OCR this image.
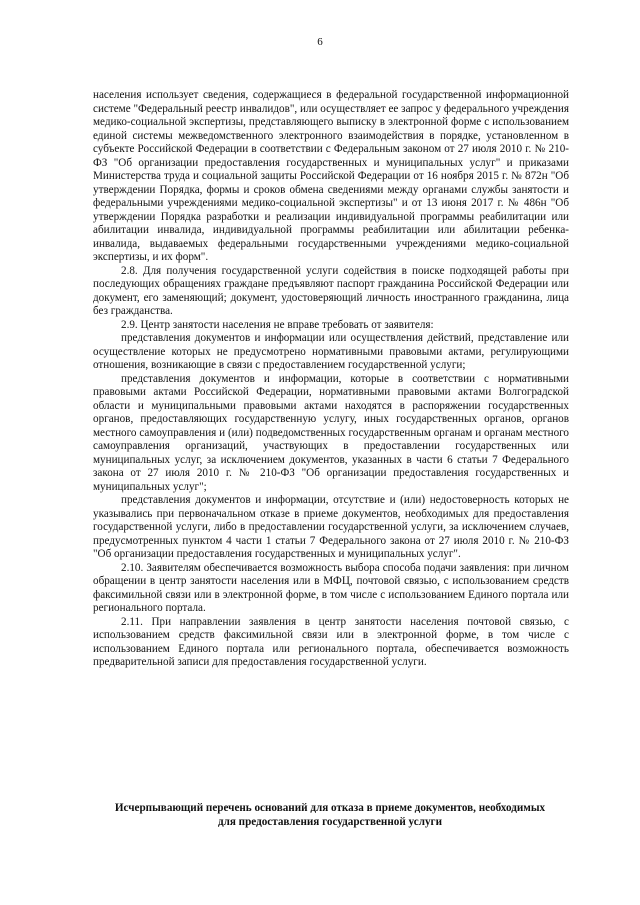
6

населения использует сведения, содержащиеся в федеральной государственной информационной системе "Федеральный реестр инвалидов", или осуществляет ее запрос у федерального учреждения медико-социальной экспертизы, представляющего выписку в электронной форме с использованием единой системы межведомственного электронного взаимодействия в порядке, установленном в субъекте Российской Федерации в соответствии с Федеральным законом от 27 июля 2010 г. № 210-ФЗ "Об организации предоставления государственных и муниципальных услуг" и приказами Министерства труда и социальной защиты Российской Федерации от 16 ноября 2015 г. № 872н "Об утверждении Порядка, формы и сроков обмена сведениями между органами службы занятости и федеральными учреждениями медико-социальной экспертизы" и от 13 июня 2017 г. № 486н "Об утверждении Порядка разработки и реализации индивидуальной программы реабилитации или абилитации инвалида, индивидуальной программы реабилитации или абилитации ребенка-инвалида, выдаваемых федеральными государственными учреждениями медико-социальной экспертизы, и их форм".

2.8. Для получения государственной услуги содействия в поиске подходящей работы при последующих обращениях граждане предъявляют паспорт гражданина Российской Федерации или документ, его заменяющий; документ, удостоверяющий личность иностранного гражданина, лица без гражданства.

2.9. Центр занятости населения не вправе требовать от заявителя:

представления документов и информации или осуществления действий, представление или осуществление которых не предусмотрено нормативными правовыми актами, регулирующими отношения, возникающие в связи с предоставлением государственной услуги;

представления документов и информации, которые в соответствии с нормативными правовыми актами Российской Федерации, нормативными правовыми актами Волгоградской области и муниципальными правовыми актами находятся в распоряжении государственных органов, предоставляющих государственную услугу, иных государственных органов, органов местного самоуправления и (или) подведомственных государственным органам и органам местного самоуправления организаций, участвующих в предоставлении государственных или муниципальных услуг, за исключением документов, указанных в части 6 статьи 7 Федерального закона от 27 июля 2010 г. № 210-ФЗ "Об организации предоставления государственных и муниципальных услуг";

представления документов и информации, отсутствие и (или) недостоверность которых не указывались при первоначальном отказе в приеме документов, необходимых для предоставления государственной услуги, либо в предоставлении государственной услуги, за исключением случаев, предусмотренных пунктом 4 части 1 статьи 7 Федерального закона от 27 июля 2010 г. № 210-ФЗ "Об организации предоставления государственных и муниципальных услуг".

2.10. Заявителям обеспечивается возможность выбора способа подачи заявления: при личном обращении в центр занятости населения или в МФЦ, почтовой связью, с использованием средств факсимильной связи или в электронной форме, в том числе с использованием Единого портала или регионального портала.

2.11. При направлении заявления в центр занятости населения почтовой связью, с использованием средств факсимильной связи или в электронной форме, в том числе с использованием Единого портала или регионального портала, обеспечивается возможность предварительной записи для предоставления государственной услуги.

Исчерпывающий перечень оснований для отказа в приеме документов, необходимых
для предоставления государственной услуги
